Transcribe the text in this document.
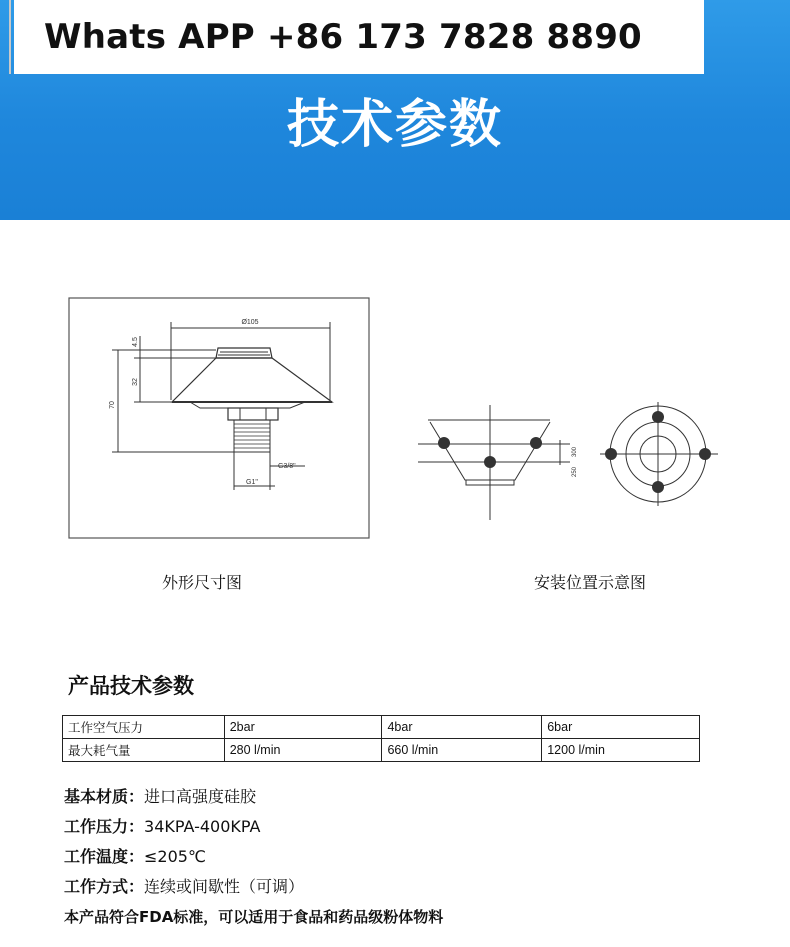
Whats APP +86 173 7828 8890
技术参数
Ø105
4.5
32
70
G3/8"
G1"
300
250
外形尺寸图	安装位置示意图
产品技术参数
工作空气压力	2bar	4bar	6bar
最大耗气量	280 l/min	660 l/min	1200 l/min
基本材质：进口高强度硅胶
工作压力：34KPA-400KPA
工作温度：≤205℃
工作方式：连续或间歇性（可调）
本产品符合FDA标准，可以适用于食品和药品级粉体物料
